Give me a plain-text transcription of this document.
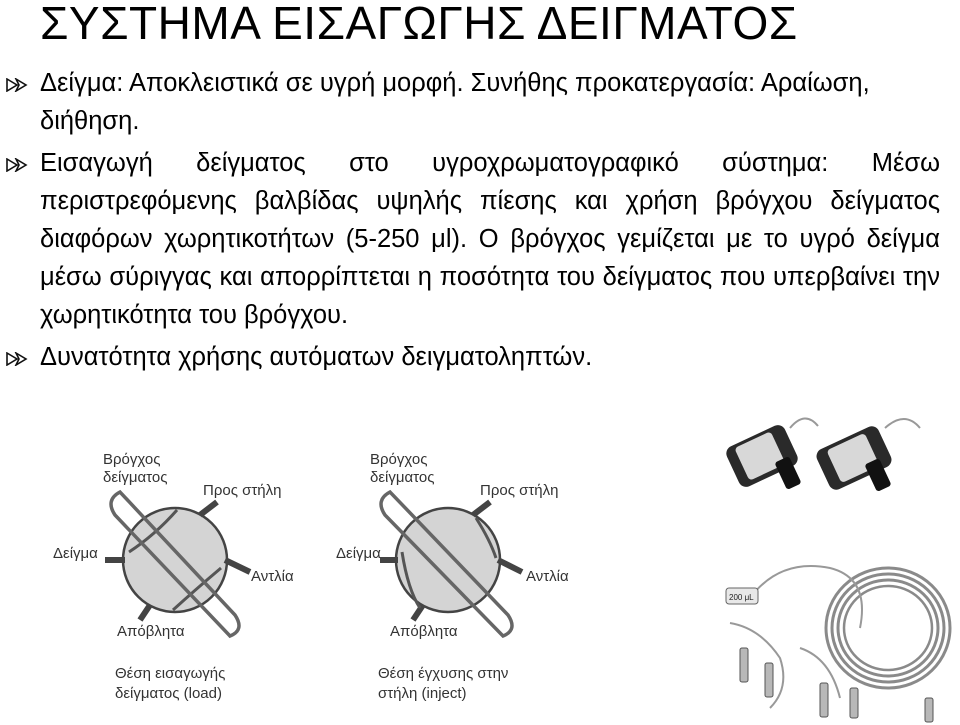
ΣΥΣΤΗΜΑ ΕΙΣΑΓΩΓΗΣ ΔΕΙΓΜΑΤΟΣ
Δείγμα: Αποκλειστικά σε υγρή μορφή. Συνήθης προκατεργασία: Αραίωση, διήθηση.
Εισαγωγή δείγματος στο υγροχρωματογραφικό σύστημα: Μέσω περιστρεφόμενης βαλβίδας υψηλής πίεσης και χρήση βρόγχου δείγματος διαφόρων χωρητικοτήτων (5-250 μl). Ο βρόγχος γεμίζεται με το υγρό δείγμα μέσω σύριγγας και απορρίπτεται η ποσότητα του δείγματος που υπερβαίνει την χωρητικότητα του βρόγχου.
Δυνατότητα χρήσης αυτόματων δειγματοληπτών.
Βρόγχος
δείγματος
Προς στήλη
Δείγμα
Αντλία
Απόβλητα
Θέση εισαγωγής
δείγματος (load)
Βρόγχος
δείγματος
Προς στήλη
Δείγμα
Αντλία
Απόβλητα
Θέση έγχυσης στην
στήλη (inject)
200 μL
